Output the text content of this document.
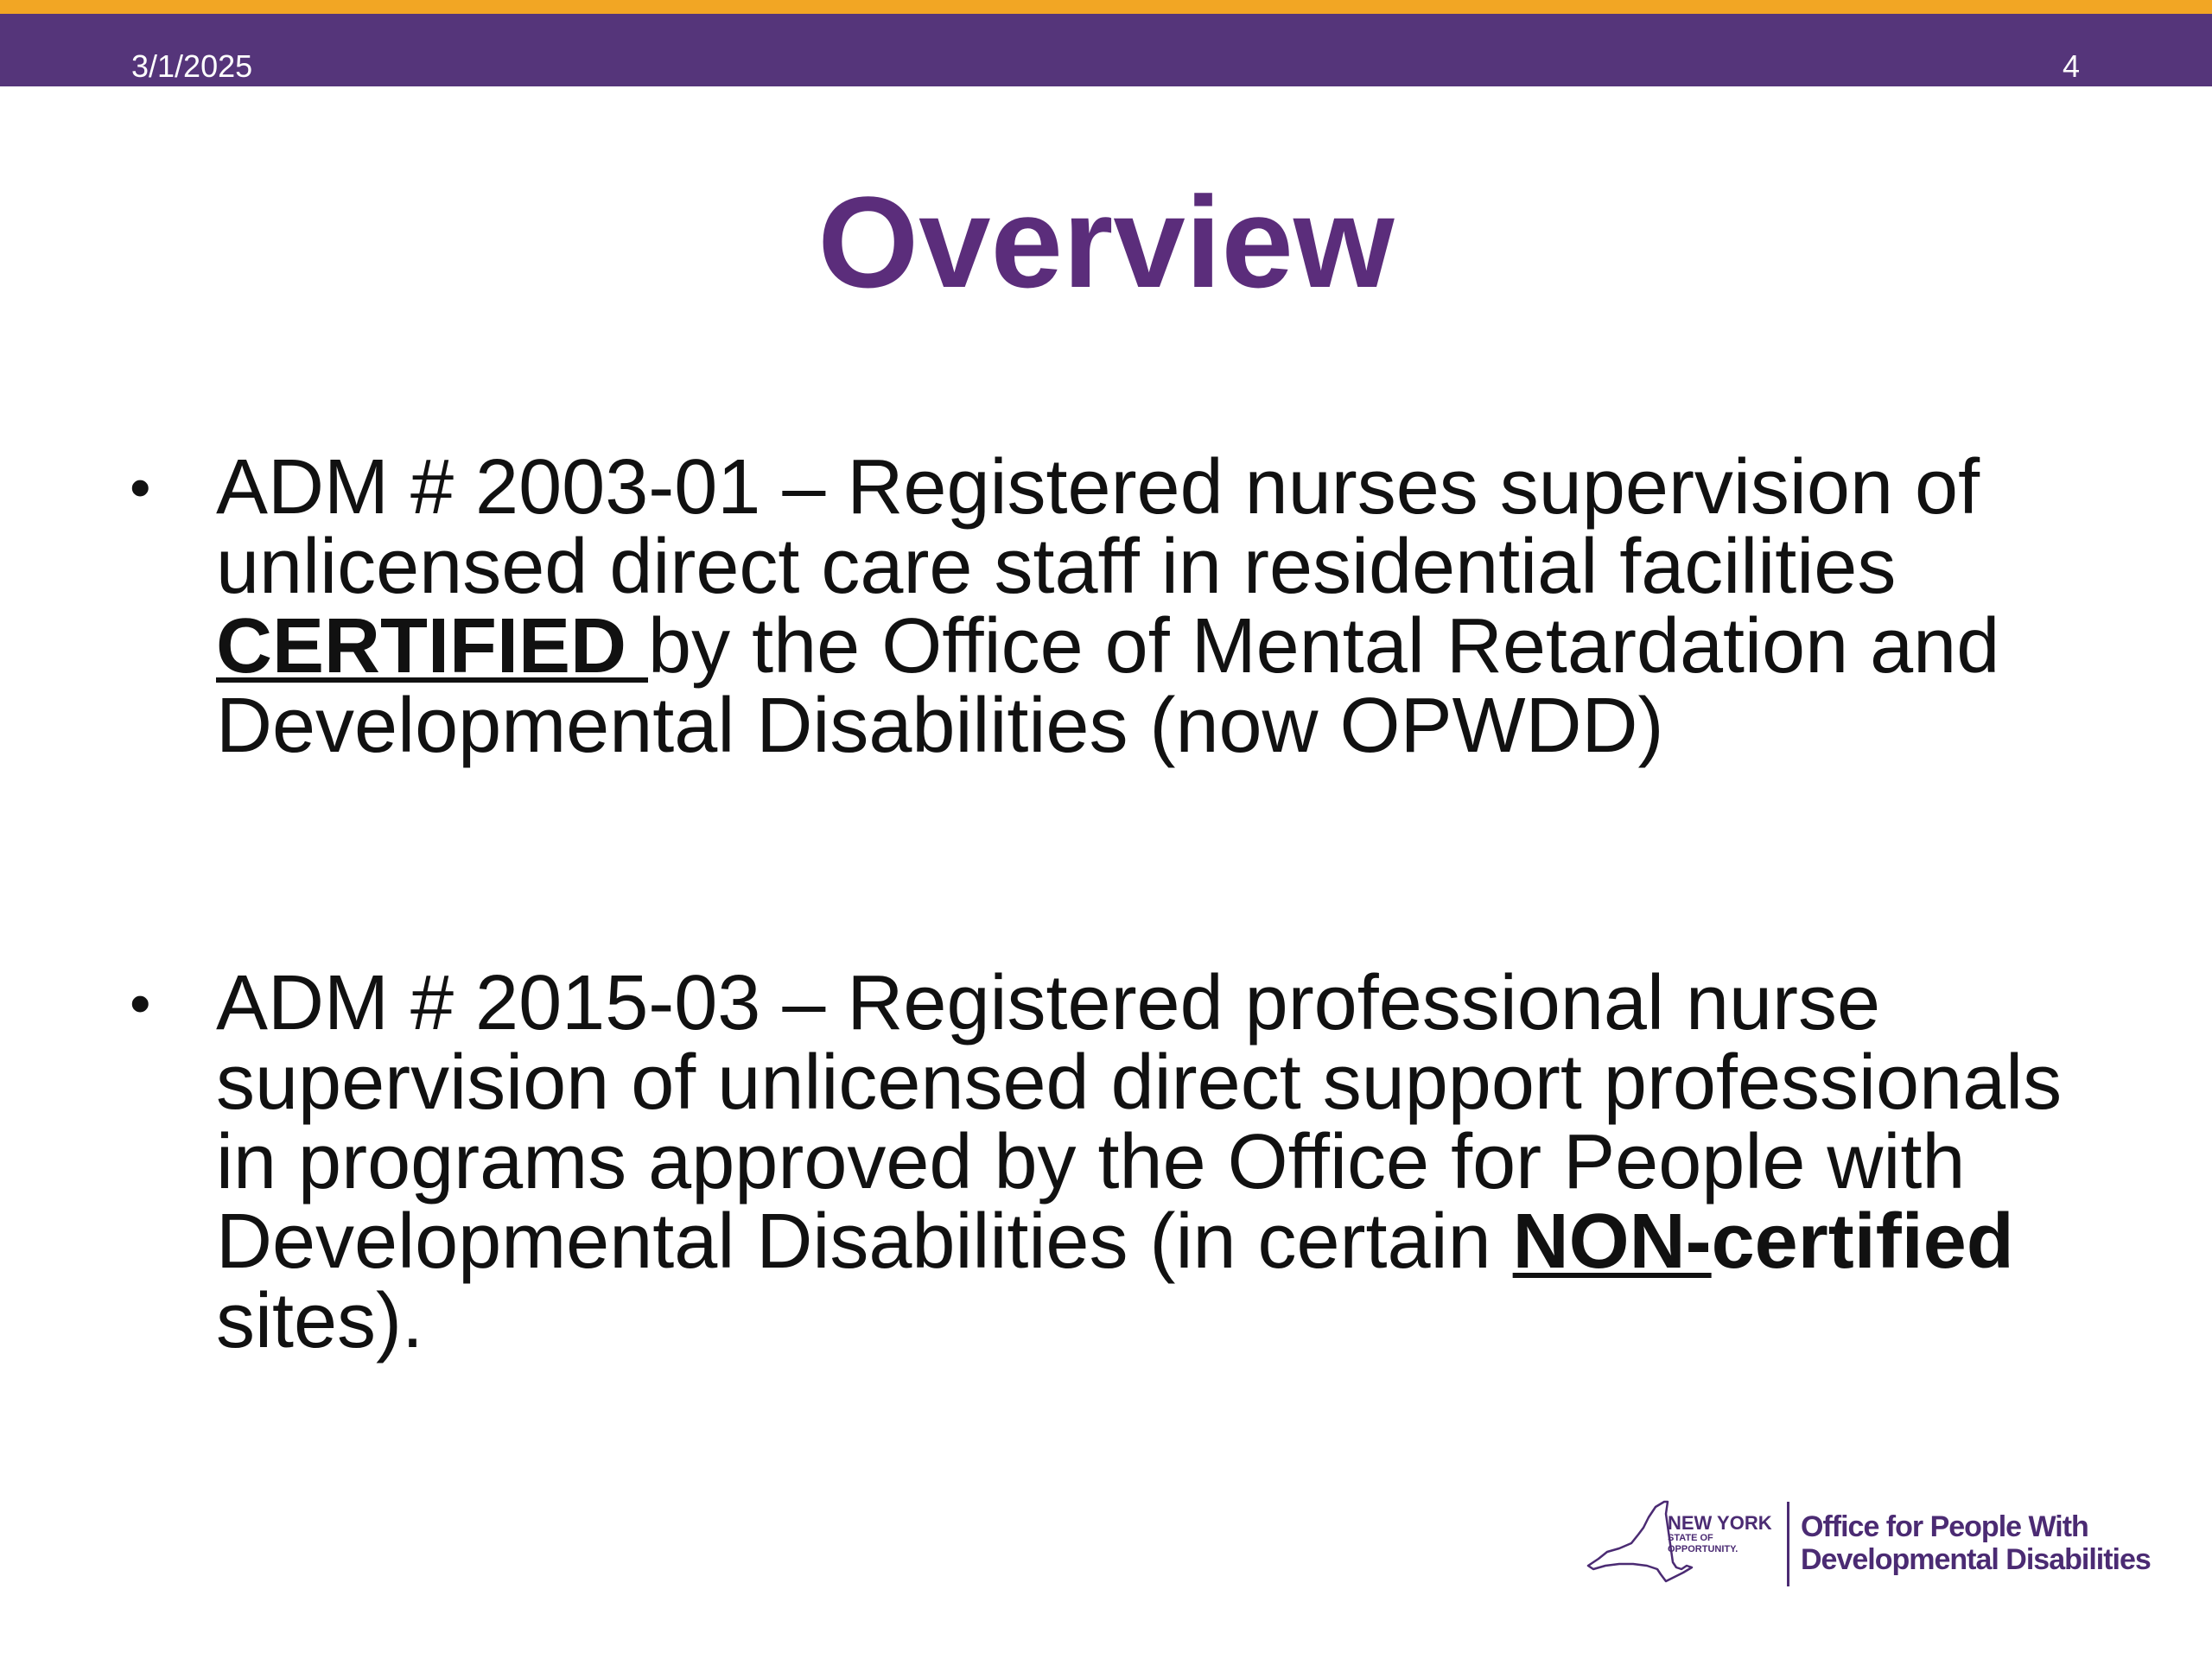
3/1/2025	4
Overview
• ADM # 2003-01 – Registered nurses supervision of unlicensed direct care staff in residential facilities CERTIFIED by the Office of Mental Retardation and Developmental Disabilities (now OPWDD)
• ADM # 2015-03 – Registered professional nurse supervision of unlicensed direct support professionals in programs approved by the Office for People with Developmental Disabilities (in certain NON-certified sites).
NEW YORK
STATE OF
OPPORTUNITY.
Office for People With
Developmental Disabilities
